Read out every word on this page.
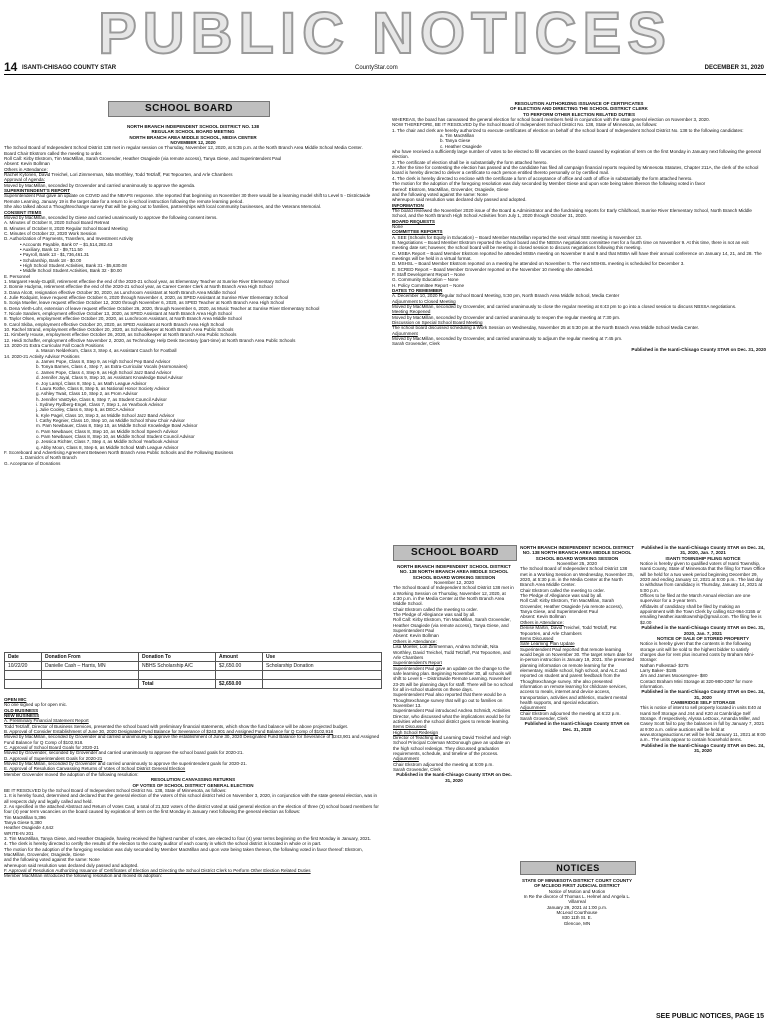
PUBLIC NOTICES
14 ISANTI-CHISAGO COUNTY STAR	CountyStar.com	DECEMBER 31, 2020
SCHOOL BOARD

NORTH BRANCH INDEPENDENT SCHOOL DISTRICT NO. 138

REGULAR SCHOOL BOARD MEETING

NORTH BRANCH AREA MIDDLE SCHOOL, MEDIA CENTER

NOVEMBER 12, 2020

The School Board of Independent School District 138 met in regular session on Thursday, November 12, 2020, at 5:35 p.m. at the North Branch Area Middle School Media Center.

Board Chair Ekstrom called the meeting to order.

Roll Call: Kirby Ekstrom, Tim MacMillan, Sarah Grovender, Heather Osagiede (via remote access), Tanya Giese, and Superintendent Paul

Absent: Kevin Bollman

Others in Attendance:

Rachel Kytonen, David Treichel, Lori Zimmerman, Nita Worthley, Todd Tetzlaff, Pat Tepoorten, and Arle Chambers

Approval of Agenda:

Moved by MacMillan, seconded by Grovender and carried unanimously to approve the agenda.

SUPERINTENDENT'S REPORT

Superintendent Paul gave an update on COVID and the NBAPS response. She reported that beginning on November 30 there would be a learning model shift to Level 5 - Districtwide Remote Learning. January 19 is the target date for a return to in-school instruction following the remote learning period.

She also talked about a Thoughtexchange survey that will be going out to families, partnerships with local community businesses, and the Veterans Memorial.

CONSENT ITEMS

Moved by MacMillan, seconded by Giese and carried unanimously to approve the following consent items.

A. Minutes of October 8, 2020 School Board Retreat

B. Minutes of October 8, 2020 Regular School Board Meeting

C. Minutes of October 22, 2020 Work Session

D. Authorization of Payments, Transfers, and Investment Activity

• Accounts Payable, Bank 07 – $1,514,282.43

• Auxiliary, Bank 12 - $9,711.50

• Payroll, Bank 13 - $1,736,461.31

• Scholarship, Bank 18 - $0.00

• High School Student Activities, Bank 31 - $5,630.08

• Middle School Student Activities, Bank 32 - $0.00

E. Personnel

1. Margaret Healy-Guptill, retirement effective the end of the 2020-21 school year, as Elementary Teacher at Sunrise River Elementary School

2. Bonnie Hudyma, retirement effective the end of the 2020-21 school year, as Career Center Clerk at North Branch Area High School

3. Dana Alcott, resignation effective October 30, 2020, as Lunchroom Assistant at North Branch Area Middle School

4. Julie Rodquist, leave request effective October 6, 2020 through November 4, 2020, as SPED Assistant at Sunrise River Elementary School

5. Sonja Mueller, leave request effective October 12, 2020 through November 6, 2020, as SPED Teacher at North Branch Area High School

6. Dena Vieth-Lohr, extension of leave request effective October 26, 2020, through November 6, 2020, as Music Teacher at Sunrise River Elementary School

7. Nicole Sanders, employment effective October 13, 2020, as SPED Assistant at North Branch Area High School

8. Taylor Olsen, employment effective October 20, 2020, as Lunchroom Assistant, at North Branch Area Middle School

9. Carol Skiba, employment effective October 20, 2020, as SPED Assistant at North Branch Area High School

10. Rachel Strand, employment effective October 20, 2020, as Schoolkeeper at North Branch Area Public Schools

11. Kimberly House, employment effective October 26, 2020, as Schoolkeeper at North Branch Area Public Schools

12. Heidi Schaffer, employment effective November 2, 2020, as Technology Help Desk Secretary (part-time) at North Branch Area Public Schools

13. 2020-21 Extra Curricular Fall Coach Positions

a. Mason Nelderkom, Class 3, Step 4, as Assistant Coach for Football

14. 2020-21 Activity Advisor Positions

a. James Pope, Class 8, Step 9, as High School Pep Band Advisor

b. Tonya Barnes, Class 4, Step 7, as Extra-Curricular Vocals (Harmonaires)

c. James Pope, Class 4, Step 9, as High School Jazz Band Advisor

d. Jennifer Joyal, Class 9, Step 10, as Assistant Knowledge Bowl Advisor

e. Joy Lampl, Class 8, Step 1, as Math League Advisor

f. Laura Rothe, Class 8, Step 5, as National Honor Society Advisor

g. Ashley Twait, Class 10, Step 2, as Prom Advisor

h. Jennifer VanDyke, Class 6, Step 7, as Student Council Advisor

i. Sydney Rydberg-Engel, Class 7, Step 1, as Yearbook Advisor

j. Julie Cooley, Class 6, Step 5, as DECA Advisor

k. Kyle Pagel, Class 10, Step 3, as Middle School Jazz Band Advisor

l. Cathy Regnier, Class 10, Step 10, as Middle School Show Choir Advisor

m. Pam Newbauer, Class 8, Step 10, as Middle School Knowledge Bowl Advisor

n. Pam Newbauer, Class 8, Step 10, as Middle School Speech Advisor

o. Pam Newbauer, Class 8, Step 10, as Middle School Student Council Advisor

p. Jessica Richter, Class 7, Step 4, as Middle School Yearbook Advisor

q. Abby Moon, Class 8, Step 6, as Middle School Math League Advisor

F. Scoreboard and Advertising Agreement Between North Branch Area Public Schools and the Following Business

1. Darnick's of North Branch

G. Acceptance of Donations

Date	Donation From	Donation To	Amount	Use
10/22/20	Danielle Cash – Harris, MN	NBHS Scholarship A/C	$2,650.00	Scholarship Donation

		Total	$2,650.00	

OPEN MIC

No one signed up for open mic.

OLD BUSINESS

NEW BUSINESS

A. Preliminary Financial Statement Report

Todd Tetzlaff, Director of Business Services, presented the school board with preliminary financial statements, which show the fund balance will be above projected budget.

B. Approval of Consider Establishment of June 30, 2020 Designated Fund Balance for Severance of $243,901 and Assigned Fund Balance for Q Comp of $102,918

Moved by MacMillan, seconded by Grovender and carried unanimously to approve the establishment of June 30, 2020 Designated Fund Balance for Severance of $243,901 and Assigned Fund Balance for Q Comp of $102,918.

C. Approval of School Board Goals for 2020-21

Moved by Grovender, seconded by Grovender and carried unanimously to approve the school board goals for 2020-21.

D. Approval of Superintendent Goals for 2020-21

Moved by MacMillan, seconded by Grovender and carried unanimously to approve the superintendent goals for 2020-21.

E. Approval of Resolution Canvassing Returns of Votes of School District General Election

Member Grovender moved the adoption of the following resolution:

RESOLUTION CANVASSING RETURNS

OF VOTES OF SCHOOL DISTRICT GENERAL ELECTION

BE IT RESOLVED by the School Board of Independent School District No. 138, State of Minnesota, as follows:

1. It is hereby found, determined and declared that the general election of the voters of this school district held on November 3, 2020, in conjunction with the state general election, was in all respects duly and legally called and held.

2. As specified in the attached Abstract and Return of Votes Cast, a total of 21,522 voters of the district voted at said general election on the election of three (3) school board members for four (4) year term vacancies on the board caused by expiration of term on the first Monday in January next following the general election as follows:

Tim MacMillan 5,396

Tanya Giese 5,380

Heather Osagiede 4,642

WRITE-IN 201

3. Tim MacMillan, Tanya Giese, and Heather Osagiede, having received the highest number of votes, are elected to four (4) year terms beginning on the first Monday in January, 2021.

4. The clerk is hereby directed to certify the results of the election to the county auditor of each county in which the school district is located in whole or in part.

The motion for the adoption of the foregoing resolution was duly seconded by Member MacMillan and upon vote being taken thereon, the following voted in favor thereof: Ekstrom, MacMillan, Grovender, Osagiede, Giese

and the following voted against the same: None

whereupon said resolution was declared duly passed and adopted.

F. Approval of Resolution Authorizing Issuance of Certificates of Election and Directing the School District Clerk to Perform Other Election Related Duties

Member MacMillan introduced the following resolution and moved its adoption:

RESOLUTION AUTHORIZING ISSUANCE OF CERTIFICATES

OF ELECTION AND DIRECTING THE SCHOOL DISTRICT CLERK

TO PERFORM OTHER ELECTION RELATED DUTIES

WHEREAS, the board has canvassed the general election for school board members held in conjunction with the state general election on November 3, 2020.

NOW THEREFORE, BE IT RESOLVED by the School Board of Independent School District No. 138, State of Minnesota, as follows:

1. The chair and clerk are hereby authorized to execute certificates of election on behalf of the school board of Independent School District No. 138 to the following candidates:

a. Tim MacMillan

b. Tanya Giese

c. Heather Osagiede

who have received a sufficiently large number of votes to be elected to fill vacancies on the board caused by expiration of term on the first Monday in January next following the general election.

2. The certificate of election shall be in substantially the form attached hereto.

3. After the time for contesting the election has passed and the candidate has filed all campaign financial reports required by Minnesota Statutes, Chapter 211A, the clerk of the school board is hereby directed to deliver a certificate to each person entitled thereto personally or by certified mail.

4. The clerk is hereby directed to enclose with the certificate a form of acceptance of office and oath of office in substantially the form attached hereto.

The motion for the adoption of the foregoing resolution was duly seconded by Member Giese and upon vote being taken thereon the following voted in favor

thereof: Ekstrom, MacMillan, Grovender, Osagiede, Giese

and the following voted against the same: None

whereupon said resolution was declared duly passed and adopted.

INFORMATION

The board reviewed the November 2020 issue of the Board & Administrator and the fundraising reports for Early Childhood, Sunrise River Elementary School, North Branch Middle School, and the North Branch High School Activities from July 1, 2020 through October 31, 2020.

BOARD REQUESTS

None

COMMITTEE REPORTS

A. SEE (Schools for Equity in Education) – Board Member MacMillan reported the next virtual SEE meeting is November 13.

B. Negotiations – Board Member Ekstrom reported the school board and the NBSSA negotiations committee met for a fourth time on November 9. At this time, there is not an exit meeting date set; however, the school board will be meeting in closed session to discuss negotiations following this meeting.

C. MSBA Report – Board Member Ekstrom reported he attended MSBA meeting on November 8 and 9 and that MSBA will have their annual conference on January 14, 21, and 28. The meetings will be held in a virtual format.

D. MSHSL – Board Member Ekstrom reported on a meeting he attended on November 5. The next MSHSL meeting is scheduled for December 3.

E. SCRED Report – Board Member Grovender reported on the November 10 meeting she attended.

F. Staff Development Report – None

G. Community Education – None

H. Policy Committee Report – None

DATES TO REMEMBER

A. December 10, 2020 Regular School Board Meeting, 5:30 pm, North Branch Area Middle School, Media Center

Adjournment to Closed Meeting

Moved by MacMillan, seconded by Grovender, and carried unanimously to close the regular meeting at 6:43 pm to go into a closed session to discuss NBSSA negotiations.

Meeting Reopened

Moved by MacMillan, seconded by Grovender and carried unanimously to reopen the regular meeting at 7:30 pm.

Discussion on Special School Board Meeting

The school board discussed scheduling a Work Session on Wednesday, November 25 at 5:30 pm at the North Branch Area Middle School Media Center.

Adjournment

Moved by MacMillan, seconded by Grovender, and carried unanimously to adjourn the regular meeting at 7:45 pm.

Sarah Grovender, Clerk

Published in the Isanti-Chisago County STAR on Dec. 31, 2020

SCHOOL BOARD

NORTH BRANCH INDEPENDENT SCHOOL DISTRICT NO. 138 NORTH BRANCH AREA MIDDLE SCHOOL

SCHOOL BOARD WORKING SESSION

November 12, 2020

The School Board of Independent School District 138 met in a Working Session on Thursday, November 12, 2020, at 4:30 p.m. in the Media Center at the North Branch Area Middle School.

Chair Ekstrom called the meeting to order.

The Pledge of Allegiance was said by all.

Roll Call: Kirby Ekstrom, Tim MacMillan, Sarah Grovender, Heather Osagiede (via remote access), Tanya Giese, and Superintendent Paul

Absent: Kevin Bollman

Others in Attendance:

Lisa Moeller, Lori Zimmerman, Andrea Schmidt, Nita Worthley, David Treichel, Todd Tetzlaff, Pat Tepoorten, and Arle Chambers

Superintendent's Report

Superintendent Paul gave an update on the change to the safe learning plan. Beginning November 30, all schools will shift to Level 5 – Districtwide Remote Learning. November 23-25 will be planning days for staff. There will be no school for all in-school students on these days.

Superintendent Paul also reported that there would be a Thoughtexchange survey that will go out to families on November 13.

Superintendent Paul introduced Andrea Schmidt, Activities Director, who discussed what the implications would be for activities when the school district goes to remote learning.

Items Discussed

High School Redesign

Director of Teaching and Learning David Treichel and High School Principal Coleman McDonough gave an update on the high school redesign. They discussed graduation requirements, schedule, and timeline of the process.

Adjournment

Chair Ekstrom adjourned the meeting at 5:09 p.m.

Sarah Grovender, Clerk

Published in the Isanti-Chisago County STAR on Dec. 31, 2020

NORTH BRANCH INDEPENDENT SCHOOL DISTRICT NO. 138 NORTH BRANCH AREA MIDDLE SCHOOL

SCHOOL BOARD WORKING SESSION

November 25, 2020

The School Board of Independent School District 138 met in a Working Session on Wednesday, November 25, 2020, at 5:30 p.m. in the Media Center at the North Branch Area Middle Center.

Chair Ekstrom called the meeting to order.

The Pledge of Allegiance was said by all.

Roll Call: Kirby Ekstrom, Tim MacMillan, Sarah Grovender, Heather Osagiede (via remote access), Tanya Giese, and Superintendent Paul

Absent: Kevin Bollman

Others in Attendance:

Denise Martin, David Treichel, Todd Tetzlaff, Pat Tepoorten, and Arle Chambers

Items Discussed

Safe Learning Plan Update

Superintendent Paul reported that remote learning would begin on November 30. The target return date for in-person instruction is January 19, 2021. She presented planning information on remote learning for the elementary, middle school, high school, and ALC and reported on student and parent feedback from the Thoughtexchange survey. She also presented information on remote learning for childcare services, access to meals, internet and device access, transportation, activities and athletics, student mental health supports, and special education.

Adjournment

Chair Ekstrom adjourned the meeting at 6:22 p.m.

Sarah Grovender, Clerk

Published in the Isanti-Chisago County STAR on Dec. 31, 2020

NOTICES

STATE OF MINNESOTA DISTRICT COURT COUNTY OF MCLEOD FIRST JUDICIAL DISTRICT

Notice of Motion and Motion

In Re the divorce of Thomas L. Helmel and Angela L. Villarreal

January 29, 2021 at 1:00 p.m.

McLeod Courthouse

830 11th St. E.

Glencoe, MN

Published in the Isanti-Chisago County STAR on Dec. 24, 31, 2020, Jan. 7, 2021

ISANTI TOWNSHIP FILING NOTICE

Notice is hereby given to qualified voters of Isanti Township, Isanti County, State of Minnesota that the filing for Town Office will be held for a two week period beginning December 29, 2020 and ending January 12, 2021 at 5:00 p.m.. The last day to withdraw from candidacy is Thursday, January 14, 2021 at 5:00 p.m.

Offices to be filed at the March Annual election are one supervisor for a 3-year term.

Affidavits of candidacy shall be filed by making an appointment with the Town Clerk by calling 612-964-3155 or emailing heather.isantitownship@gmail.com. The filing fee is $2.00

Published in the Isanti-Chisago County STAR on Dec. 31, 2020, Jan. 7, 2021

NOTICE OF SALE OF STORED PROPERTY

Notice is hereby given that the contents in the following storage unit will be sold to the highest bidder to satisfy charges due for rent plus incurred costs by Braham Mini-Storage:

Nathan Folkestad- $275

Larry Baker- $185

Jim and James Moosengree- $80

Contact Braham Mini Storage at 320-980-3267 for more information.

Published in the Isanti-Chisago County STAR on Dec. 24, 31, 2020

CAMBRIDGE SELF STORAGE

This is notice of intent to sell property located in units E40 at Isanti Self Storage and J44 and K20 at Cambridge Self Storage. If respectively, Alyssa LeDoux, Amanda Miller, and Casey Scott fail to pay the balances in full by January 7, 2021 at 9:00 a.m. online auctions will be held at www.storageauctions.net will be held January 11, 2021 at 9:00 a.m.. The units appear to contain household items.

Published in the Isanti-Chisago County STAR on Dec. 24, 31, 2020

SEE PUBLIC NOTICES, PAGE 15
